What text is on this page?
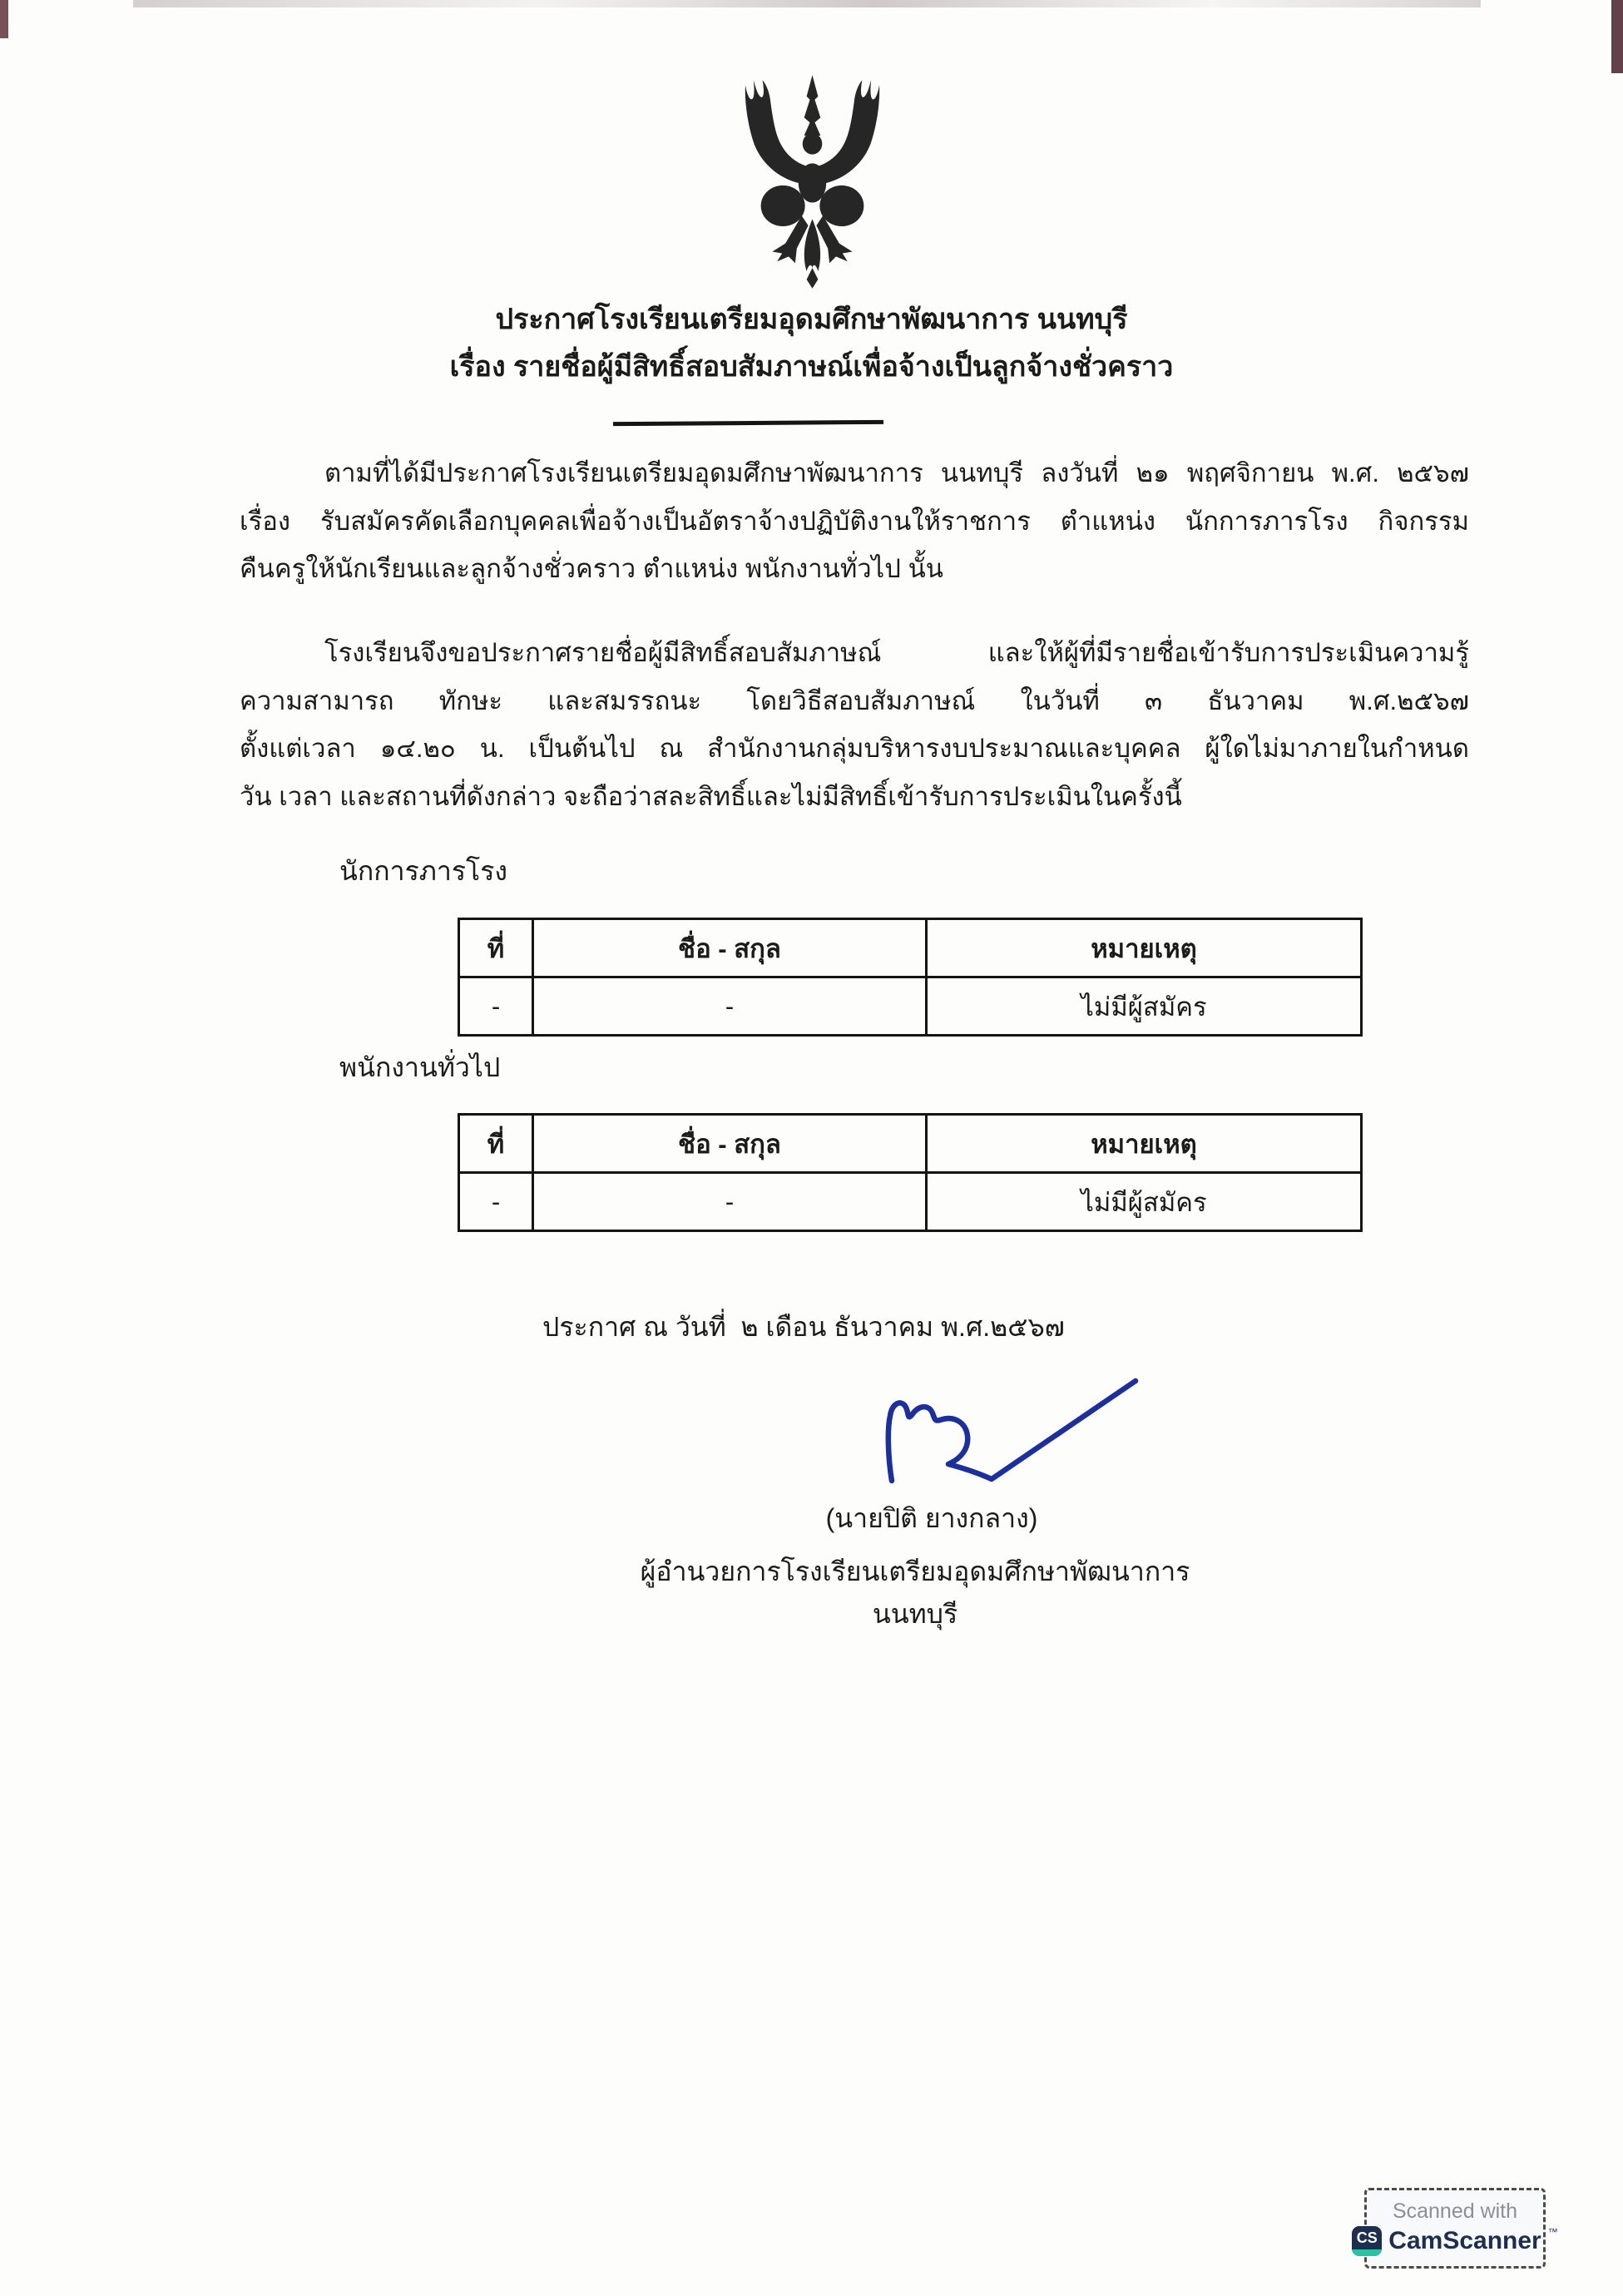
ประกาศโรงเรียนเตรียมอุดมศึกษาพัฒนาการ นนทบุรี
เรื่อง รายชื่อผู้มีสิทธิ์สอบสัมภาษณ์เพื่อจ้างเป็นลูกจ้างชั่วคราว
ตามที่ได้มีประกาศโรงเรียนเตรียมอุดมศึกษาพัฒนาการ นนทบุรี ลงวันที่ ๒๑ พฤศจิกายน พ.ศ. ๒๕๖๗
เรื่อง รับสมัครคัดเลือกบุคคลเพื่อจ้างเป็นอัตราจ้างปฏิบัติงานให้ราชการ ตำแหน่ง นักการภารโรง กิจกรรม
คืนครูให้นักเรียนและลูกจ้างชั่วคราว ตำแหน่ง พนักงานทั่วไป นั้น
โรงเรียนจึงขอประกาศรายชื่อผู้มีสิทธิ์สอบสัมภาษณ์ และให้ผู้ที่มีรายชื่อเข้ารับการประเมินความรู้
ความสามารถ ทักษะ และสมรรถนะ โดยวิธีสอบสัมภาษณ์ ในวันที่ ๓ ธันวาคม พ.ศ.๒๕๖๗
ตั้งแต่เวลา ๑๔.๒๐ น. เป็นต้นไป ณ สำนักงานกลุ่มบริหารงบประมาณและบุคคล ผู้ใดไม่มาภายในกำหนด
วัน เวลา และสถานที่ดังกล่าว จะถือว่าสละสิทธิ์และไม่มีสิทธิ์เข้ารับการประเมินในครั้งนี้
นักการภารโรง
ที่	ชื่อ - สกุล	หมายเหตุ
-	-	ไม่มีผู้สมัคร
พนักงานทั่วไป
ที่	ชื่อ - สกุล	หมายเหตุ
-	-	ไม่มีผู้สมัคร
ประกาศ ณ วันที่  ๒ เดือน ธันวาคม พ.ศ.๒๕๖๗
(นายปิติ ยางกลาง)
ผู้อำนวยการโรงเรียนเตรียมอุดมศึกษาพัฒนาการ นนทบุรี
Scanned with
CS CamScanner ™
